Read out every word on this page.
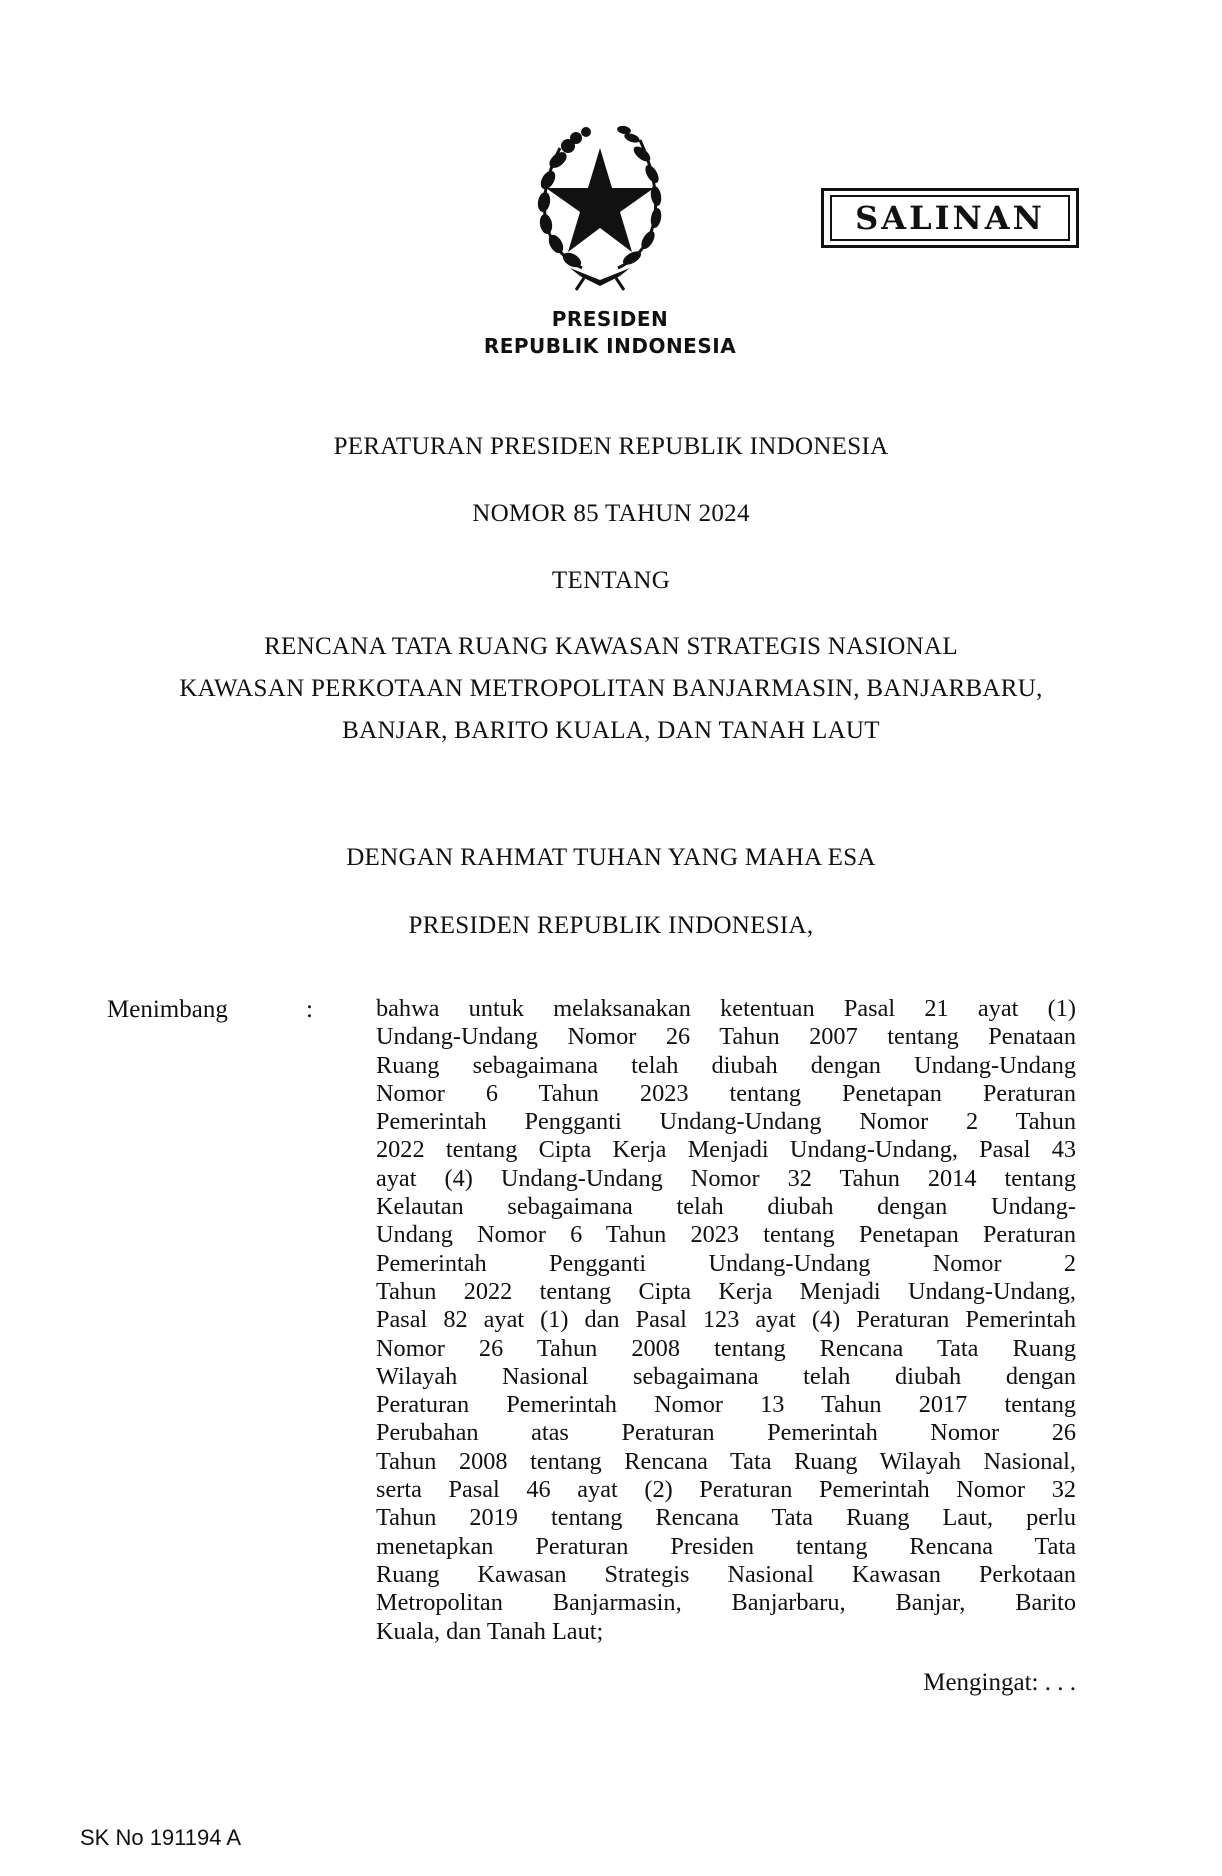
PRESIDEN
REPUBLIK INDONESIA
SALINAN
PERATURAN PRESIDEN REPUBLIK INDONESIA
NOMOR 85 TAHUN 2024
TENTANG
RENCANA TATA RUANG KAWASAN STRATEGIS NASIONAL
KAWASAN PERKOTAAN METROPOLITAN BANJARMASIN, BANJARBARU,
BANJAR, BARITO KUALA, DAN TANAH LAUT
DENGAN RAHMAT TUHAN YANG MAHA ESA
PRESIDEN REPUBLIK INDONESIA,
Menimbang	:	bahwa untuk melaksanakan ketentuan Pasal 21 ayat (1)
Undang-Undang Nomor 26 Tahun 2007 tentang Penataan
Ruang sebagaimana telah diubah dengan Undang-Undang
Nomor 6 Tahun 2023 tentang Penetapan Peraturan
Pemerintah Pengganti Undang-Undang Nomor 2 Tahun
2022 tentang Cipta Kerja Menjadi Undang-Undang, Pasal 43
ayat (4) Undang-Undang Nomor 32 Tahun 2014 tentang
Kelautan sebagaimana telah diubah dengan Undang-
Undang Nomor 6 Tahun 2023 tentang Penetapan Peraturan
Pemerintah Pengganti Undang-Undang Nomor 2
Tahun 2022 tentang Cipta Kerja Menjadi Undang-Undang,
Pasal 82 ayat (1) dan Pasal 123 ayat (4) Peraturan Pemerintah
Nomor 26 Tahun 2008 tentang Rencana Tata Ruang
Wilayah Nasional sebagaimana telah diubah dengan
Peraturan Pemerintah Nomor 13 Tahun 2017 tentang
Perubahan atas Peraturan Pemerintah Nomor 26
Tahun 2008 tentang Rencana Tata Ruang Wilayah Nasional,
serta Pasal 46 ayat (2) Peraturan Pemerintah Nomor 32
Tahun 2019 tentang Rencana Tata Ruang Laut, perlu
menetapkan Peraturan Presiden tentang Rencana Tata
Ruang Kawasan Strategis Nasional Kawasan Perkotaan
Metropolitan Banjarmasin, Banjarbaru, Banjar, Barito
Kuala, dan Tanah Laut;
Mengingat: . . .
SK No 191194 A
